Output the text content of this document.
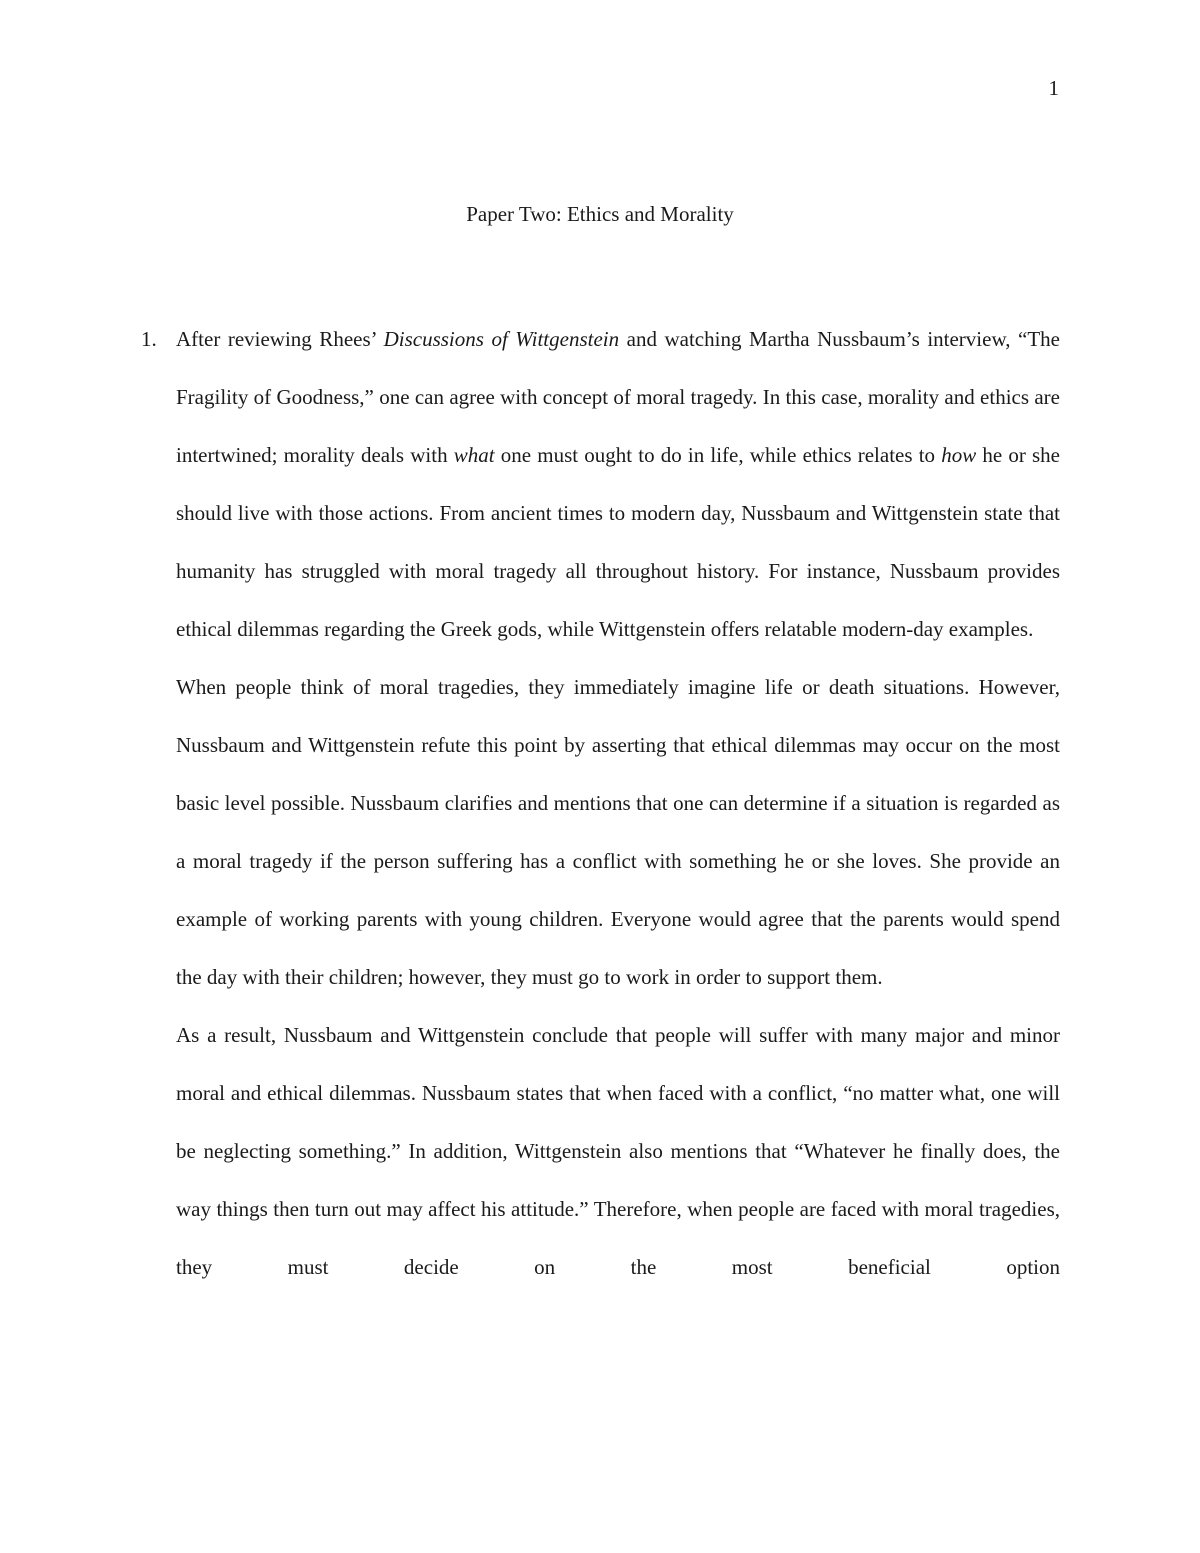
1
Paper Two: Ethics and Morality
1. After reviewing Rhees’ Discussions of Wittgenstein and watching Martha Nussbaum’s interview, “The Fragility of Goodness,” one can agree with concept of moral tragedy. In this case, morality and ethics are intertwined; morality deals with what one must ought to do in life, while ethics relates to how he or she should live with those actions. From ancient times to modern day, Nussbaum and Wittgenstein state that humanity has struggled with moral tragedy all throughout history. For instance, Nussbaum provides ethical dilemmas regarding the Greek gods, while Wittgenstein offers relatable modern-day examples.

When people think of moral tragedies, they immediately imagine life or death situations. However, Nussbaum and Wittgenstein refute this point by asserting that ethical dilemmas may occur on the most basic level possible. Nussbaum clarifies and mentions that one can determine if a situation is regarded as a moral tragedy if the person suffering has a conflict with something he or she loves. She provide an example of working parents with young children. Everyone would agree that the parents would spend the day with their children; however, they must go to work in order to support them.

As a result, Nussbaum and Wittgenstein conclude that people will suffer with many major and minor moral and ethical dilemmas. Nussbaum states that when faced with a conflict, “no matter what, one will be neglecting something.” In addition, Wittgenstein also mentions that “Whatever he finally does, the way things then turn out may affect his attitude.” Therefore, when people are faced with moral tragedies, they must decide on the most beneficial option
